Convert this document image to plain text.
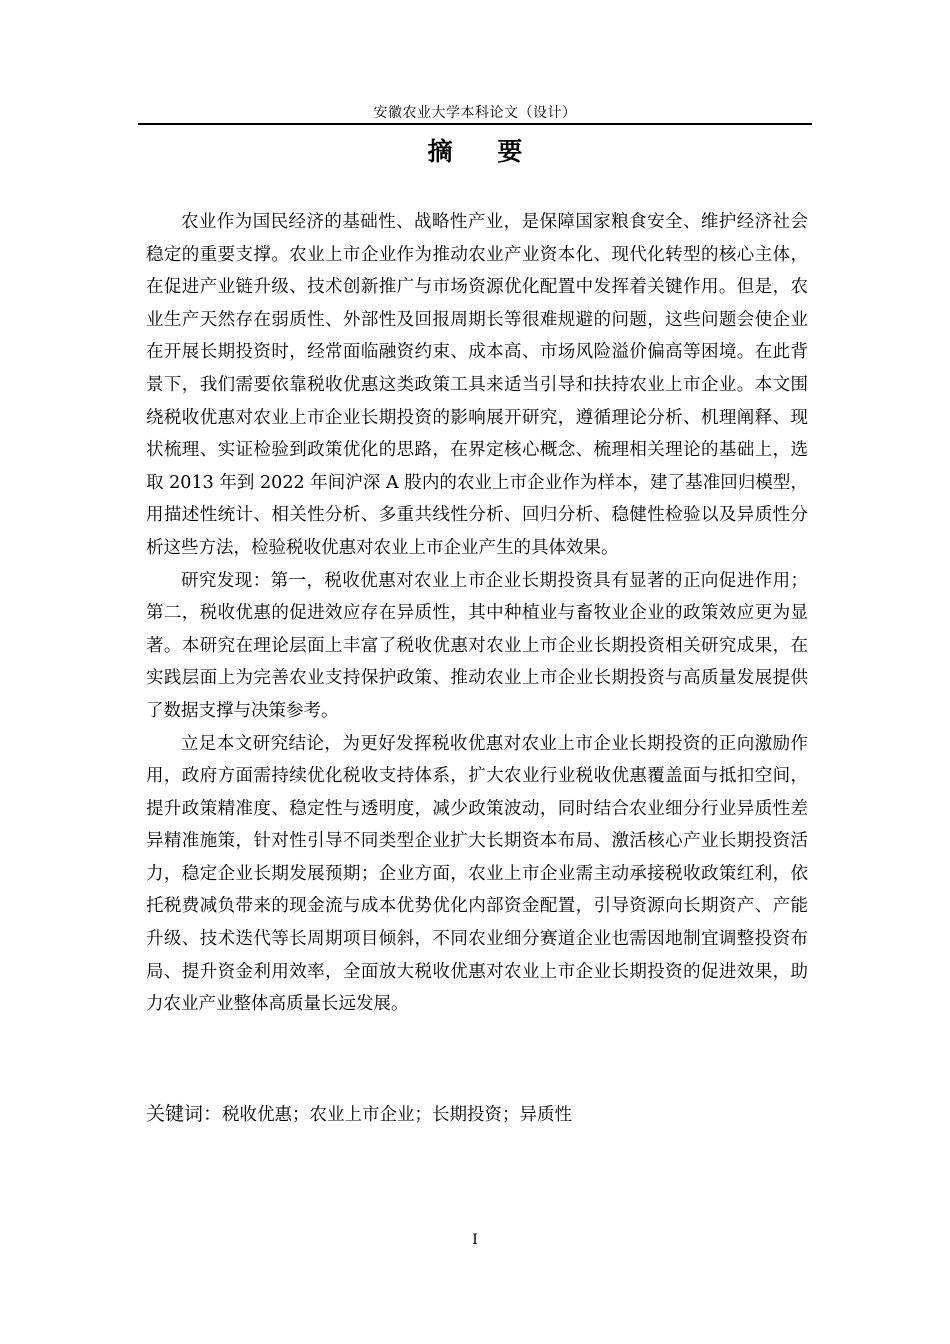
安徽农业大学本科论文（设计）
摘 要

农业作为国民经济的基础性、战略性产业，是保障国家粮食安全、维护经济社会稳定的重要支撑。农业上市企业作为推动农业产业资本化、现代化转型的核心主体，在促进产业链升级、技术创新推广与市场资源优化配置中发挥着关键作用。但是，农业生产天然存在弱质性、外部性及回报周期长等很难规避的问题，这些问题会使企业在开展长期投资时，经常面临融资约束、成本高、市场风险溢价偏高等困境。在此背景下，我们需要依靠税收优惠这类政策工具来适当引导和扶持农业上市企业。本文围绕税收优惠对农业上市企业长期投资的影响展开研究，遵循理论分析、机理阐释、现状梳理、实证检验到政策优化的思路，在界定核心概念、梳理相关理论的基础上，选取 2013 年到 2022 年间沪深 A 股内的农业上市企业作为样本，建了基准回归模型，用描述性统计、相关性分析、多重共线性分析、回归分析、稳健性检验以及异质性分析这些方法，检验税收优惠对农业上市企业产生的具体效果。

研究发现：第一，税收优惠对农业上市企业长期投资具有显著的正向促进作用；第二，税收优惠的促进效应存在异质性，其中种植业与畜牧业企业的政策效应更为显著。本研究在理论层面上丰富了税收优惠对农业上市企业长期投资相关研究成果，在实践层面上为完善农业支持保护政策、推动农业上市企业长期投资与高质量发展提供了数据支撑与决策参考。

立足本文研究结论，为更好发挥税收优惠对农业上市企业长期投资的正向激励作用，政府方面需持续优化税收支持体系，扩大农业行业税收优惠覆盖面与抵扣空间，提升政策精准度、稳定性与透明度，减少政策波动，同时结合农业细分行业异质性差异精准施策，针对性引导不同类型企业扩大长期资本布局、激活核心产业长期投资活力，稳定企业长期发展预期；企业方面，农业上市企业需主动承接税收政策红利，依托税费减负带来的现金流与成本优势优化内部资金配置，引导资源向长期资产、产能升级、技术迭代等长周期项目倾斜，不同农业细分赛道企业也需因地制宜调整投资布局、提升资金利用效率，全面放大税收优惠对农业上市企业长期投资的促进效果，助力农业产业整体高质量长远发展。

关键词：税收优惠；农业上市企业；长期投资；异质性
I
